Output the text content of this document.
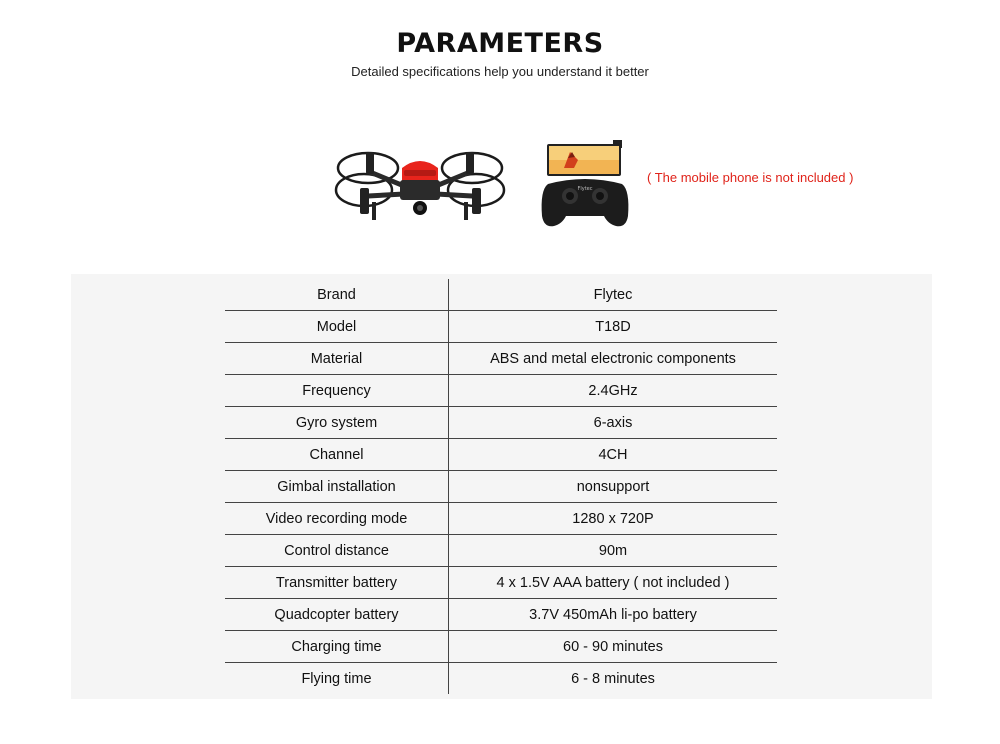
PARAMETERS
Detailed specifications help you understand it better
Flytec
( The mobile phone is not included )
Brand	Flytec
Model	T18D
Material	ABS and metal electronic components
Frequency	2.4GHz
Gyro system	6-axis
Channel	4CH
Gimbal installation	nonsupport
Video recording mode	1280 x 720P
Control distance	90m
Transmitter battery	4 x 1.5V AAA battery ( not included )
Quadcopter battery	3.7V 450mAh li-po battery
Charging time	60 - 90 minutes
Flying time	6 - 8 minutes
